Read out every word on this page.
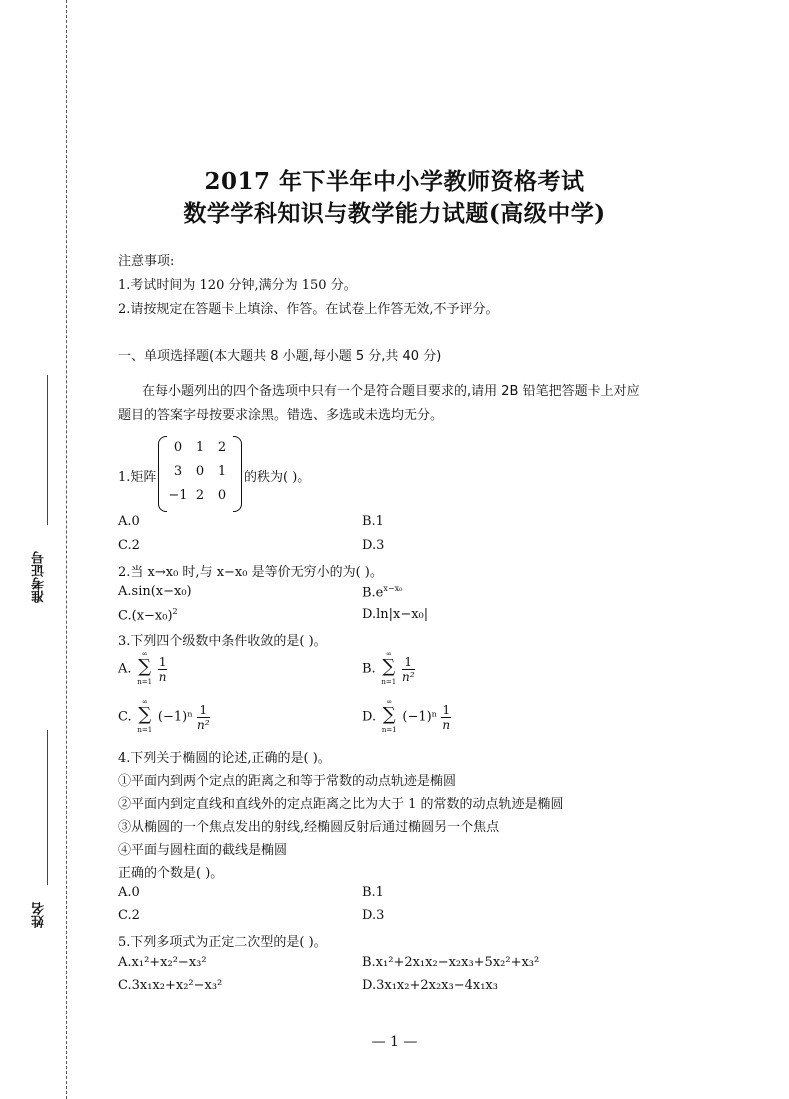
准考证号
姓名
2017 年下半年中小学教师资格考试
数学学科知识与教学能力试题(高级中学)
注意事项:
1.考试时间为 120 分钟,满分为 150 分。
2.请按规定在答题卡上填涂、作答。在试卷上作答无效,不予评分。
一、单项选择题(本大题共 8 小题,每小题 5 分,共 40 分)
在每小题列出的四个备选项中只有一个是符合题目要求的,请用 2B 铅笔把答题卡上对应
题目的答案字母按要求涂黑。错选、多选或未选均无分。
1.矩阵
0	1	2
3	0	1
−1 2	0
的秩为( )。
A.0	B.1
C.2	D.3
2.当 x→x₀ 时,与 x−x₀ 是等价无穷小的为( )。
A.sin(x−x₀)	$B.e^{x-x_0}$
$C.(x-x_0)^2$	D.ln|x−x₀|
3.下列四个级数中条件收敛的是( )。
A.
∞
∑
n=1
$\frac{1}{n}$	B.
∞
∑
n=1
$\frac{1}{\text{n²}}$
C.
∞
∑
n=1
$(-1)^n \frac{1}{\text{n²}}$	D.
∞
∑
n=1
$(-1)^n \frac{1}{n}$
4.下列关于椭圆的论述,正确的是( )。
①平面内到两个定点的距离之和等于常数的动点轨迹是椭圆
②平面内到定直线和直线外的定点距离之比为大于 1 的常数的动点轨迹是椭圆
③从椭圆的一个焦点发出的射线,经椭圆反射后通过椭圆另一个焦点
④平面与圆柱面的截线是椭圆
正确的个数是( )。
A.0	B.1
C.2	D.3
5.下列多项式为正定二次型的是( )。
A.x₁²+x₂²−x₃²	B.x₁²+2x₁x₂−x₂x₃+5x₂²+x₃²
C.3x₁x₂+x₂²−x₃²	D.3x₁x₂+2x₂x₃−4x₁x₃
— 1 —
